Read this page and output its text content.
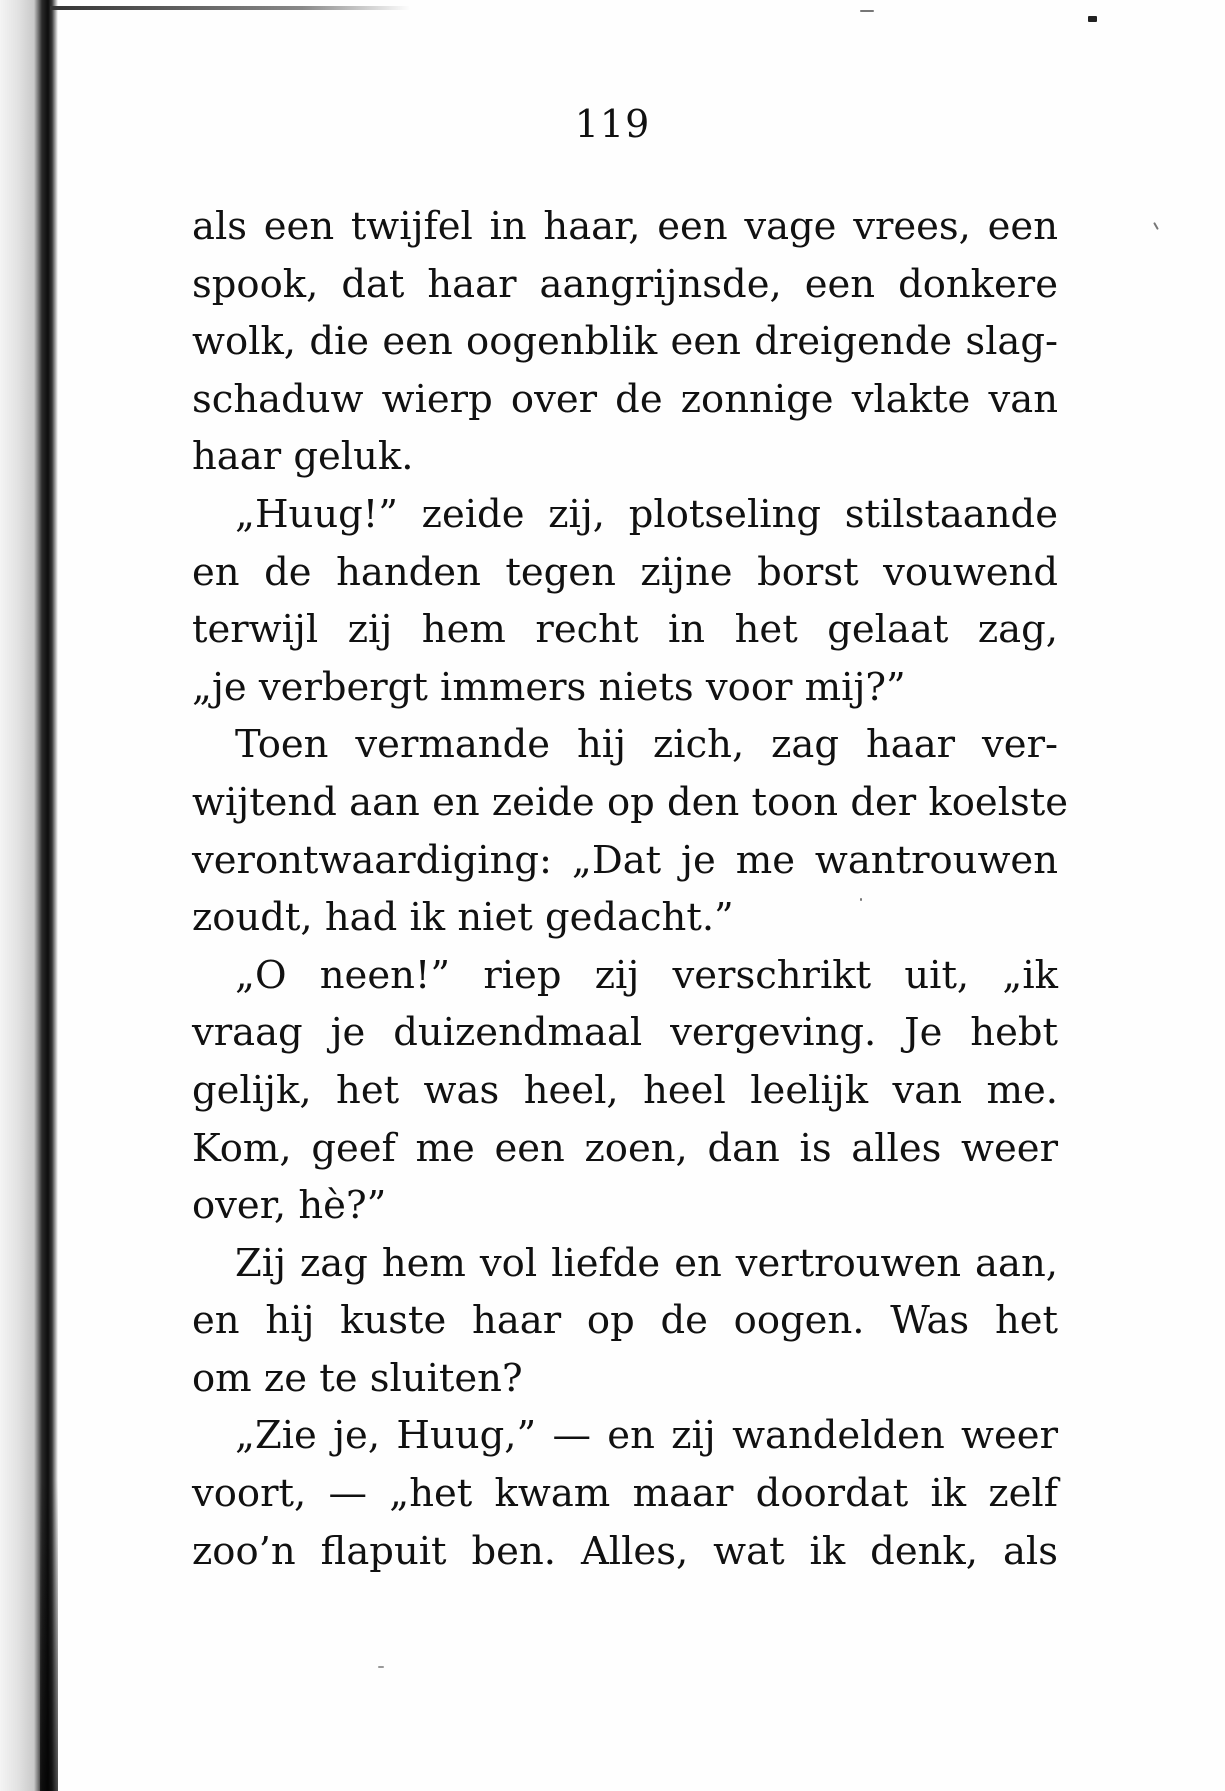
119
als een twijfel in haar, een vage vrees, een
spook, dat haar aangrijnsde, een donkere
wolk, die een oogenblik een dreigende slag-
schaduw wierp over de zonnige vlakte van
haar geluk.
„Huug!” zeide zij, plotseling stilstaande
en de handen tegen zijne borst vouwend
terwijl zij hem recht in het gelaat zag,
„je verbergt immers niets voor mij?”
Toen vermande hij zich, zag haar ver-
wijtend aan en zeide op den toon der koelste
verontwaardiging: „Dat je me wantrouwen
zoudt, had ik niet gedacht.”
„O neen!” riep zij verschrikt uit, „ik
vraag je duizendmaal vergeving. Je hebt
gelijk, het was heel, heel leelijk van me.
Kom, geef me een zoen, dan is alles weer
over, hè?”
Zij zag hem vol liefde en vertrouwen aan,
en hij kuste haar op de oogen. Was het
om ze te sluiten?
„Zie je, Huug,” — en zij wandelden weer
voort, — „het kwam maar doordat ik zelf
zoo’n flapuit ben. Alles, wat ik denk, als
